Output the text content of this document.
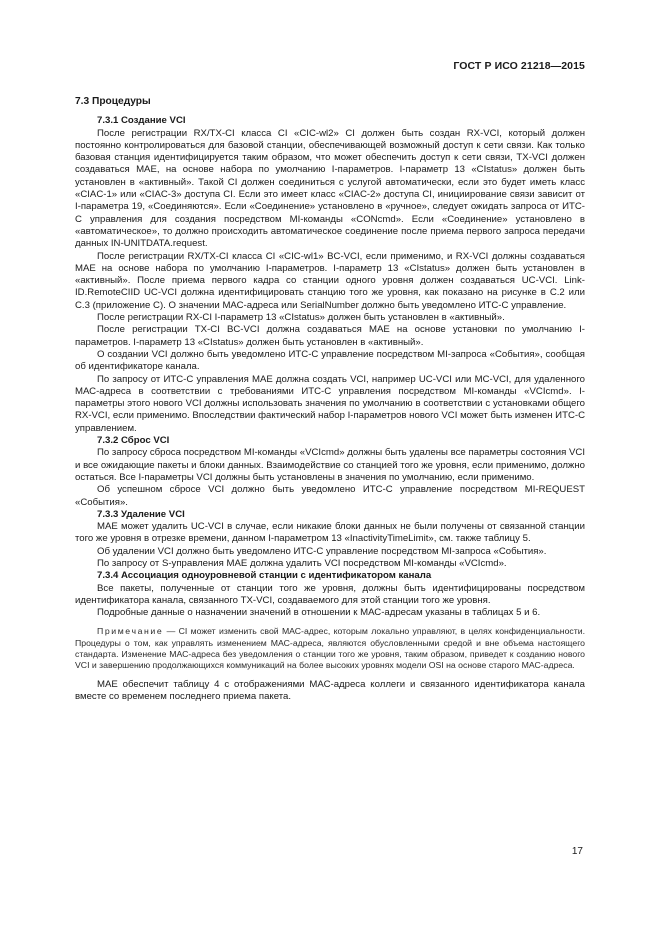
ГОСТ Р ИСО 21218—2015
7.3 Процедуры
7.3.1 Создание VCI

После регистрации RX/TX-CI класса CI «CIC-wl2» CI должен быть создан RX-VCI, который должен постоянно контролироваться для базовой станции, обеспечивающей возможный доступ к сети связи. Как только базовая станция идентифицируется таким образом, что может обеспечить доступ к сети связи, TX-VCI должен создаваться МАЕ, на основе набора по умолчанию I-параметров. I-параметр 13 «CIstatus» должен быть установлен в «активный». Такой CI должен соединиться с услугой автоматически, если это будет иметь класс «CIAC-1» или «CIAC-3» доступа CI. Если это имеет класс «CIAC-2» доступа CI, инициирование связи зависит от I-параметра 19, «Соединяются». Если «Соединение» установлено в «ручное», следует ожидать запроса от ИТС-С управления для создания посредством MI-команды «CONcmd». Если «Соединение» установлено в «автоматическое», то должно происходить автоматическое соединение после приема первого запроса передачи данных IN-UNITDATA.request.

После регистрации RX/TX-CI класса CI «CIC-wl1» BC-VCI, если применимо, и RX-VCI должны создаваться МАЕ на основе набора по умолчанию I-параметров. I-параметр 13 «CIstatus» должен быть установлен в «активный». После приема первого кадра со станции одного уровня должен создаваться UC-VCI. Link-ID.RemoteCIID UC-VCI должна идентифицировать станцию того же уровня, как показано на рисунке в С.2 или С.3 (приложение С). О значении МАС-адреса или SerialNumber должно быть уведомлено ИТС-С управление.

После регистрации RX-CI I-параметр 13 «CIstatus» должен быть установлен в «активный».

После регистрации TX-CI BC-VCI должна создаваться МАЕ на основе установки по умолчанию I-параметров. I-параметр 13 «CIstatus» должен быть установлен в «активный».

О создании VCI должно быть уведомлено ИТС-С управление посредством MI-запроса «События», сообщая об идентификаторе канала.

По запросу от ИТС-С управления МАЕ должна создать VCI, например UC-VCI или MC-VCI, для удаленного МАС-адреса в соответствии с требованиями ИТС-С управления посредством MI-команды «VCIcmd». I-параметры этого нового VCI должны использовать значения по умолчанию в соответствии с установками общего RX-VCI, если применимо. Впоследствии фактический набор I-параметров нового VCI может быть изменен ИТС-С управлением.

7.3.2 Сброс VCI

По запросу сброса посредством MI-команды «VCIcmd» должны быть удалены все параметры состояния VCI и все ожидающие пакеты и блоки данных. Взаимодействие со станцией того же уровня, если применимо, должно остаться. Все I-параметры VCI должны быть установлены в значения по умолчанию, если применимо.

Об успешном сбросе VCI должно быть уведомлено ИТС-С управление посредством MI-REQUEST «События».

7.3.3 Удаление VCI

МАЕ может удалить UC-VCI в случае, если никакие блоки данных не были получены от связанной станции того же уровня в отрезке времени, данном I-параметром 13 «InactivityTimeLimit», см. также таблицу 5.

Об удалении VCI должно быть уведомлено ИТС-С управление посредством MI-запроса «События».

По запросу от S-управления МАЕ должна удалить VCI посредством MI-команды «VCIcmd».

7.3.4 Ассоциация одноуровневой станции с идентификатором канала

Все пакеты, полученные от станции того же уровня, должны быть идентифицированы посредством идентификатора канала, связанного TX-VCI, создаваемого для этой станции того же уровня.

Подробные данные о назначении значений в отношении к МАС-адресам указаны в таблицах 5 и 6.

Примечание — CI может изменить свой МАС-адрес, которым локально управляют, в целях конфиденциальности. Процедуры о том, как управлять изменением МАС-адреса, являются обусловленными средой и вне объема настоящего стандарта. Изменение МАС-адреса без уведомления о станции того же уровня, таким образом, приведет к созданию нового VCI и завершению продолжающихся коммуникаций на более высоких уровнях модели OSI на основе старого МАС-адреса.

МАЕ обеспечит таблицу 4 с отображениями МАС-адреса коллеги и связанного идентификатора канала вместе со временем последнего приема пакета.

17
